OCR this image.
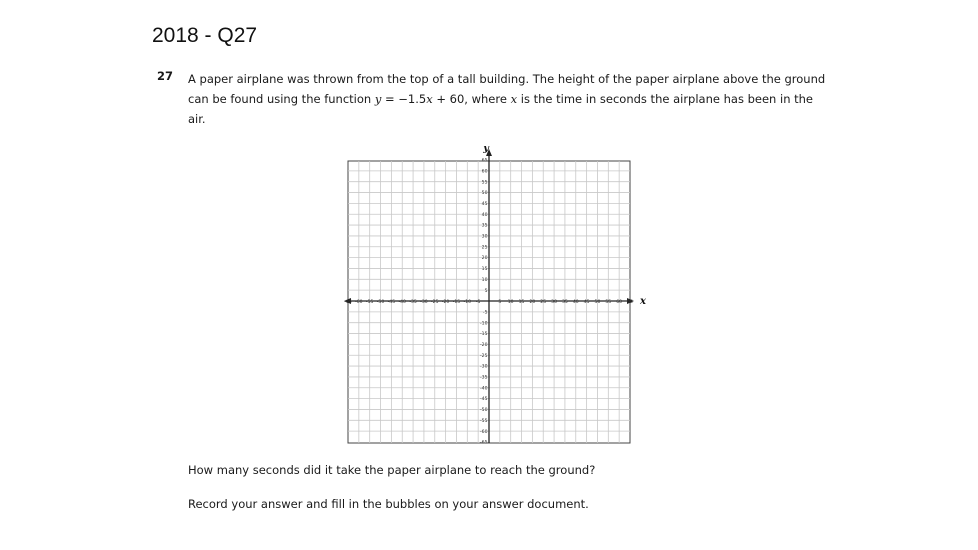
2018 - Q27
27 A paper airplane was thrown from the top of a tall building. The height of the paper airplane above the ground can be found using the function y = −1.5x + 60, where x is the time in seconds the airplane has been in the air.
x
y
-65 -60 -55 -50 -45 -40 -35 -30 -25 -20 -15 -10 -5	5 10 15 20 25 30 35 40 45 50 55 60 65
65
60
55
50
45
40
35
30
25
20
15
10
5
-5
-10
-15
-20
-25
-30
-35
-40
-45
-50
-55
-60
-65
How many seconds did it take the paper airplane to reach the ground?
Record your answer and fill in the bubbles on your answer document.
